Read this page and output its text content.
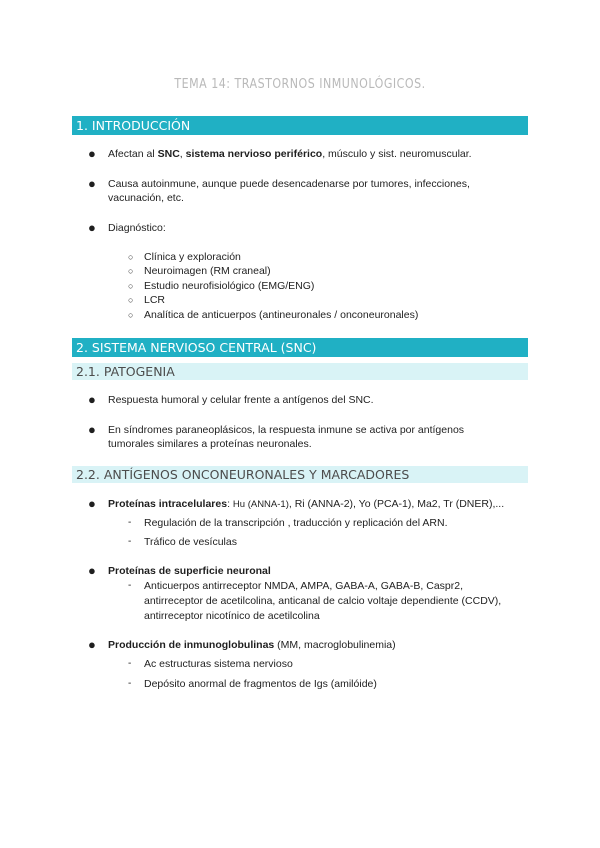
TEMA 14: TRASTORNOS INMUNOLÓGICOS.
1. INTRODUCCIÓN
● Afectan al SNC, sistema nervioso periférico, músculo y sist. neuromuscular.
● Causa autoinmune, aunque puede desencadenarse por tumores, infecciones,
vacunación, etc.
● Diagnóstico:
○ Clínica y exploración
○ Neuroimagen (RM craneal)
○ Estudio neurofisiológico (EMG/ENG)
○ LCR
○ Analítica de anticuerpos (antineuronales / onconeuronales)
2. SISTEMA NERVIOSO CENTRAL (SNC)
2.1. PATOGENIA
● Respuesta humoral y celular frente a antígenos del SNC.
● En síndromes paraneoplásicos, la respuesta inmune se activa por antígenos
tumorales similares a proteínas neuronales.
2.2. ANTÍGENOS ONCONEURONALES Y MARCADORES
● Proteínas intracelulares: Hu (ANNA-1), Ri (ANNA-2), Yo (PCA-1), Ma2, Tr (DNER),...
- Regulación de la transcripción , traducción y replicación del ARN.
- Tráfico de vesículas
● Proteínas de superficie neuronal
- Anticuerpos antirreceptor NMDA, AMPA, GABA-A, GABA-B, Caspr2,
antirreceptor de acetilcolina, anticanal de calcio voltaje dependiente (CCDV),
antirreceptor nicotínico de acetilcolina
● Producción de inmunoglobulinas (MM, macroglobulinemia)
- Ac estructuras sistema nervioso
- Depósito anormal de fragmentos de Igs (amilóide)
